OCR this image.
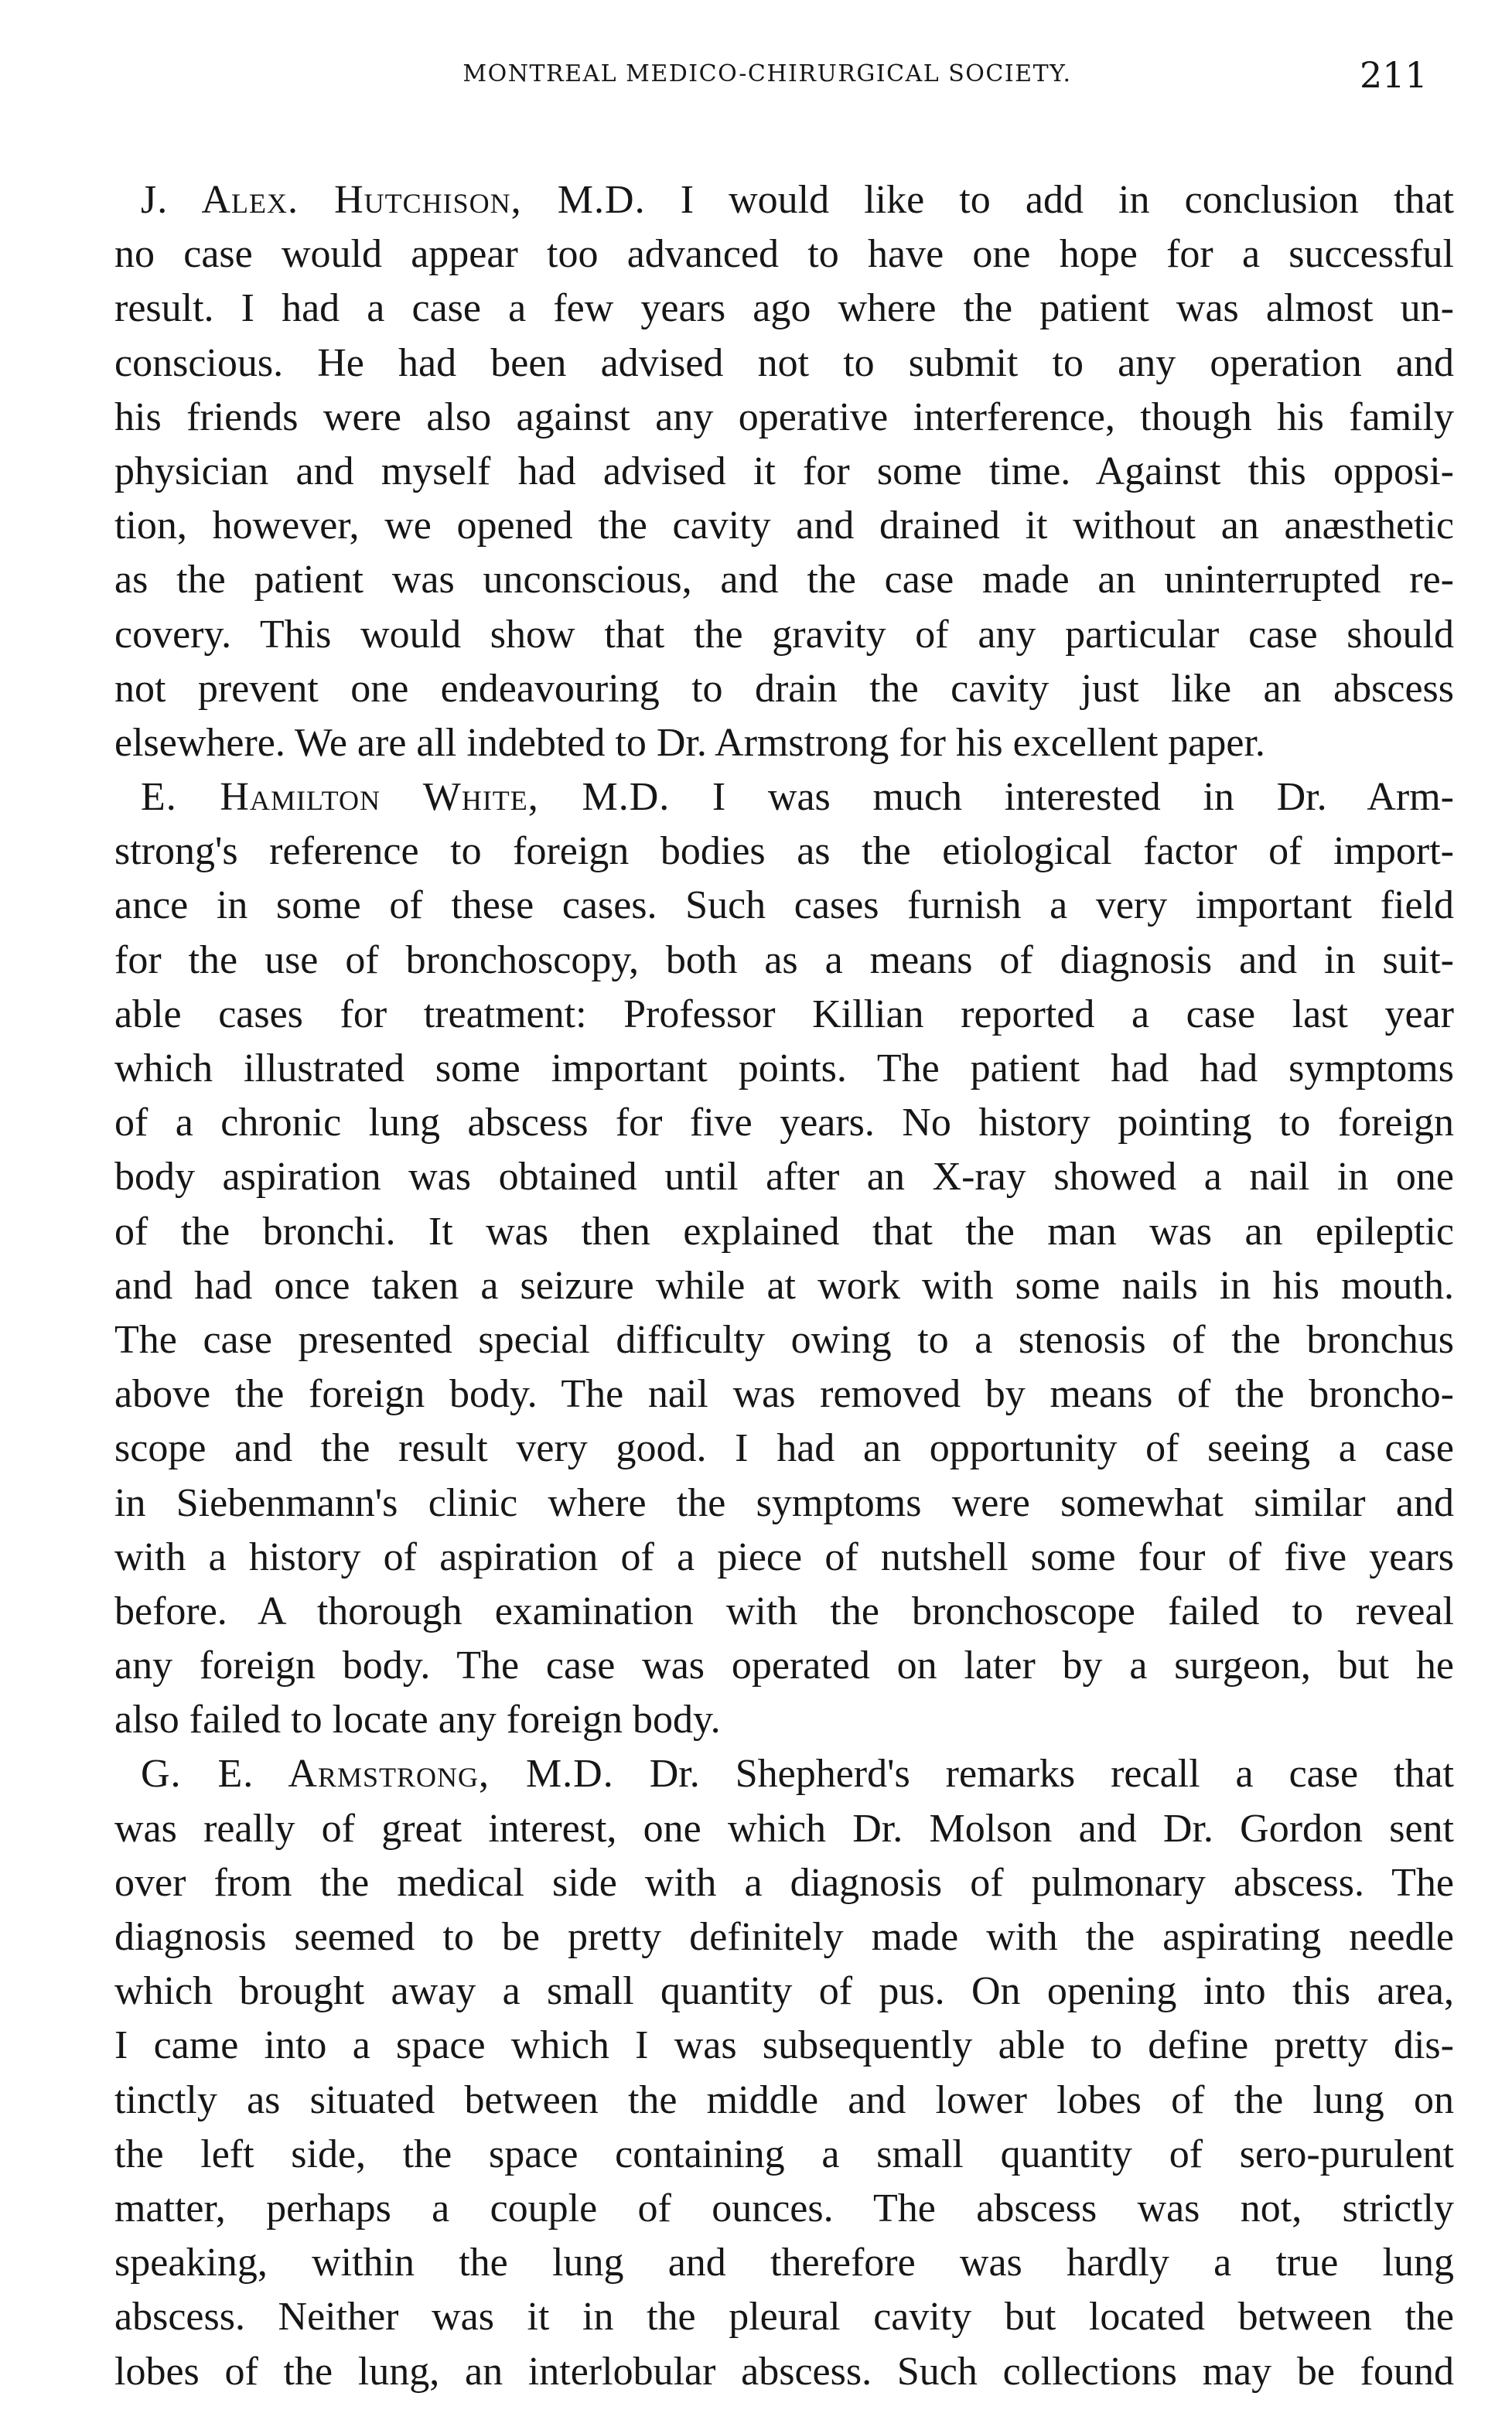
MONTREAL MEDICO-CHIRURGICAL SOCIETY.	211
J. Alex. Hutchison, M.D. I would like to add in conclusion that
no case would appear too advanced to have one hope for a successful
result. I had a case a few years ago where the patient was almost un-
conscious. He had been advised not to submit to any operation and
his friends were also against any operative interference, though his family
physician and myself had advised it for some time. Against this opposi-
tion, however, we opened the cavity and drained it without an anæsthetic
as the patient was unconscious, and the case made an uninterrupted re-
covery. This would show that the gravity of any particular case should
not prevent one endeavouring to drain the cavity just like an abscess
elsewhere. We are all indebted to Dr. Armstrong for his excellent paper.
E. Hamilton White, M.D. I was much interested in Dr. Arm-
strong's reference to foreign bodies as the etiological factor of import-
ance in some of these cases. Such cases furnish a very important field
for the use of bronchoscopy, both as a means of diagnosis and in suit-
able cases for treatment: Professor Killian reported a case last year
which illustrated some important points. The patient had had symptoms
of a chronic lung abscess for five years. No history pointing to foreign
body aspiration was obtained until after an X-ray showed a nail in one
of the bronchi. It was then explained that the man was an epileptic
and had once taken a seizure while at work with some nails in his mouth.
The case presented special difficulty owing to a stenosis of the bronchus
above the foreign body. The nail was removed by means of the broncho-
scope and the result very good. I had an opportunity of seeing a case
in Siebenmann's clinic where the symptoms were somewhat similar and
with a history of aspiration of a piece of nutshell some four of five years
before. A thorough examination with the bronchoscope failed to reveal
any foreign body. The case was operated on later by a surgeon, but he
also failed to locate any foreign body.
G. E. Armstrong, M.D. Dr. Shepherd's remarks recall a case that
was really of great interest, one which Dr. Molson and Dr. Gordon sent
over from the medical side with a diagnosis of pulmonary abscess. The
diagnosis seemed to be pretty definitely made with the aspirating needle
which brought away a small quantity of pus. On opening into this area,
I came into a space which I was subsequently able to define pretty dis-
tinctly as situated between the middle and lower lobes of the lung on
the left side, the space containing a small quantity of sero-purulent
matter, perhaps a couple of ounces. The abscess was not, strictly
speaking, within the lung and therefore was hardly a true lung
abscess. Neither was it in the pleural cavity but located between the
lobes of the lung, an interlobular abscess. Such collections may be found
